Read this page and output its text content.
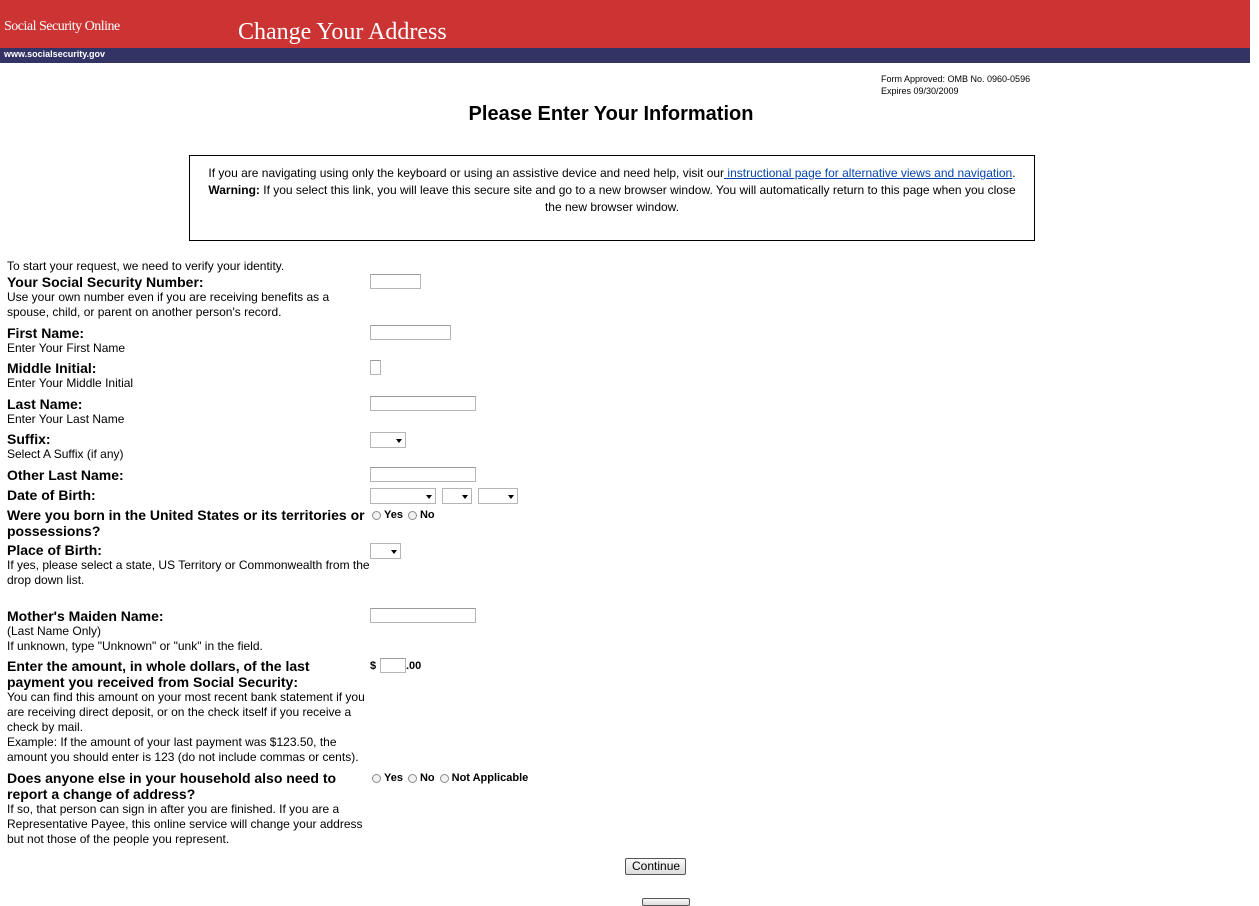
Social Security Online	Change Your Address
www.socialsecurity.gov
Form Approved: OMB No. 0960-0596
Expires 09/30/2009
Please Enter Your Information
If you are navigating using only the keyboard or using an assistive device and need help, visit our instructional page for alternative views and navigation.
Warning: If you select this link, you will leave this secure site and go to a new browser window. You will automatically return to this page when you close the new browser window.
To start your request, we need to verify your identity.
Your Social Security Number:
Use your own number even if you are receiving benefits as a spouse, child, or parent on another person's record.
First Name:
Enter Your First Name
Middle Initial:
Enter Your Middle Initial
Last Name:
Enter Your Last Name
Suffix:
Select A Suffix (if any)
Other Last Name:
Date of Birth:
Were you born in the United States or its territories or possessions?
Yes No
Place of Birth:
If yes, please select a state, US Territory or Commonwealth from the drop down list.
Mother's Maiden Name:
(Last Name Only)
If unknown, type "Unknown" or "unk" in the field.
Enter the amount, in whole dollars, of the last payment you received from Social Security:
You can find this amount on your most recent bank statement if you are receiving direct deposit, or on the check itself if you receive a check by mail.
Example: If the amount of your last payment was $123.50, the amount you should enter is 123 (do not include commas or cents).
$	.00
Does anyone else in your household also need to report a change of address?
If so, that person can sign in after you are finished. If you are a Representative Payee, this online service will change your address but not those of the people you represent.
Yes No Not Applicable
Continue
